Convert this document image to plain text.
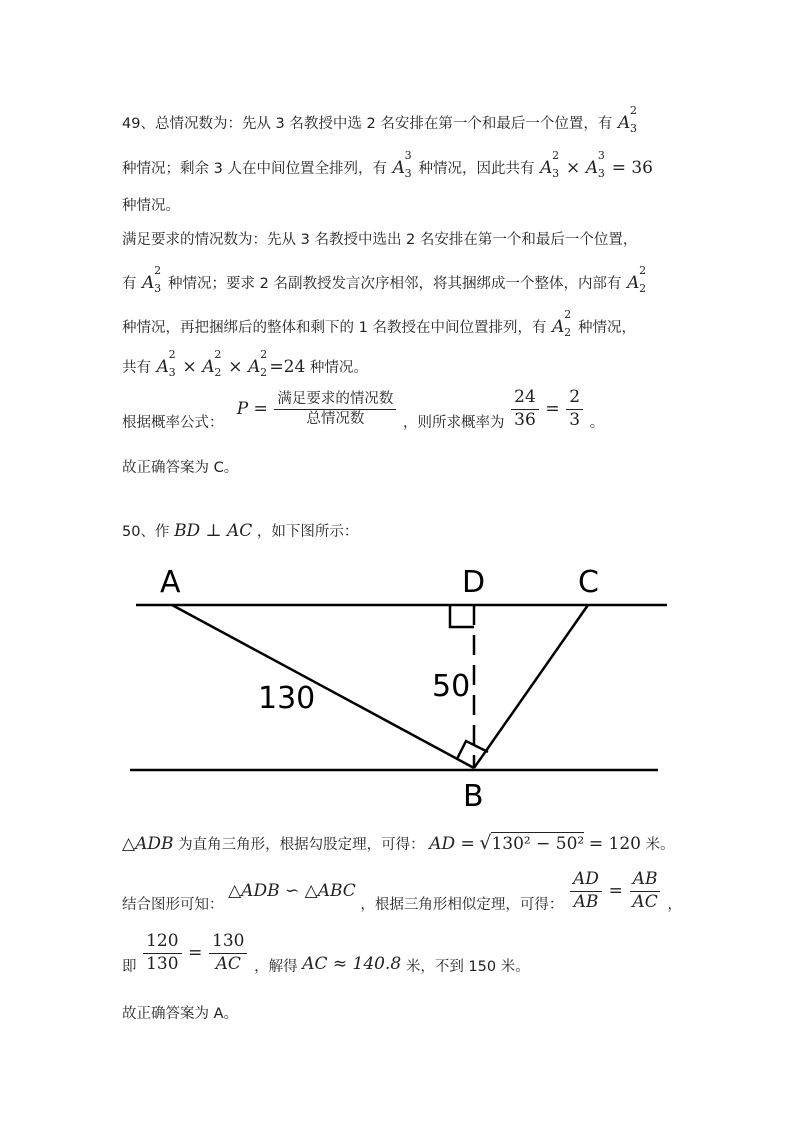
49、总情况数为：先从 3 名教授中选 2 名安排在第一个和最后一个位置，有 A
2
3
种情况；剩余 3 人在中间位置全排列，有 A
3
3 种情况，因此共有 A
2
3 × A
3
3 = 36
种情况。
满足要求的情况数为：先从 3 名教授中选出 2 名安排在第一个和最后一个位置，
有 A
2
3 种情况；要求 2 名副教授发言次序相邻，将其捆绑成一个整体，内部有 A
2
2
种情况，再把捆绑后的整体和剩下的 1 名教授在中间位置排列，有 A
2
2 种情况，
共有 A
2
3 × A
2
2 × A
2
2 =24 种情况。
根据概率公式：  $P = \frac{\text{满足要求的情况数}}{\text{总情况数}}$ ，则所求概率为 $\frac{24}{36} = \frac{2}{3}$ 。
故正确答案为 C。
50、作 BD ⊥ AC ，如下图所示：
A	D	C
B
130	50
△ADB 为直角三角形，根据勾股定理，可得： AD = √130² − 50² = 120 米。
结合图形可知： △ADB ∽ △ABC ，根据三角形相似定理，可得： $\frac{AD}{AB} = \frac{AB}{AC}$ ，
即 $\frac{120}{130} = \frac{130}{AC}$ ，解得 AC ≈ 140.8 米，不到 150 米。
故正确答案为 A。
